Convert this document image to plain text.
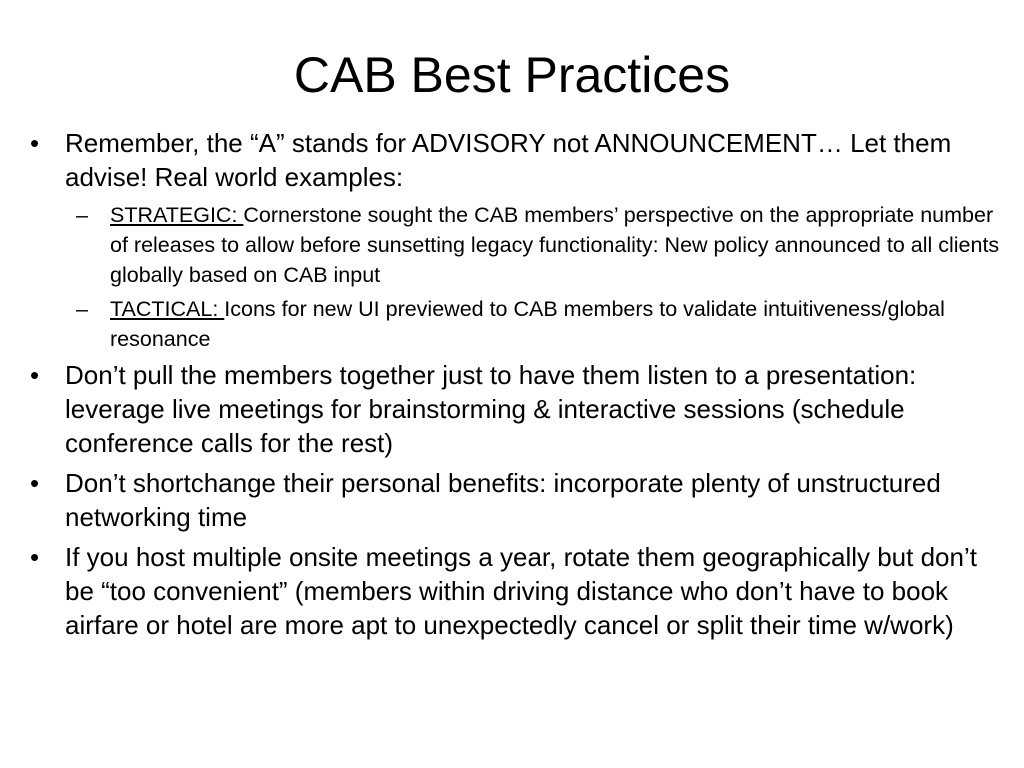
CAB Best Practices
• Remember, the “A” stands for ADVISORY not ANNOUNCEMENT… Let them advise! Real world examples:
–	STRATEGIC: Cornerstone sought the CAB members’ perspective on the appropriate number of releases to allow before sunsetting legacy functionality: New policy announced to all clients globally based on CAB input
–	TACTICAL: Icons for new UI previewed to CAB members to validate intuitiveness/global resonance
• Don’t pull the members together just to have them listen to a presentation: leverage live meetings for brainstorming & interactive sessions (schedule conference calls for the rest)
• Don’t shortchange their personal benefits: incorporate plenty of unstructured networking time
• If you host multiple onsite meetings a year, rotate them geographically but don’t be “too convenient” (members within driving distance who don’t have to book airfare or hotel are more apt to unexpectedly cancel or split their time w/work)
